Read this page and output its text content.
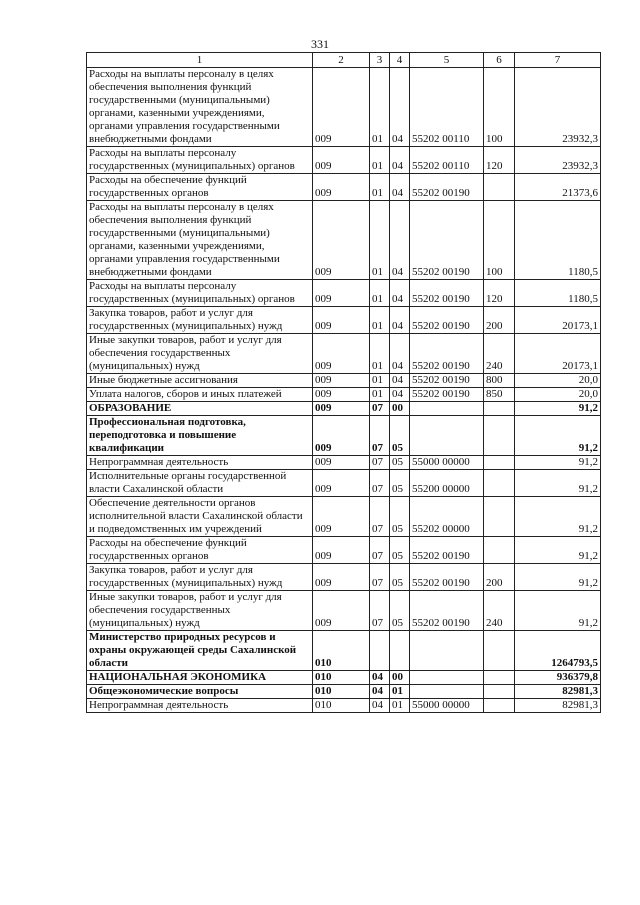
331
1	2	3	4	5	6	7
Расходы на выплаты персоналу в целях обеспечения выполнения функций государственными (муниципальными) органами, казенными учреждениями, органами управления государственными внебюджетными фондами	009	01	04	55202 00110	100	23932,3
Расходы на выплаты персоналу государственных (муниципальных) органов	009	01	04	55202 00110	120	23932,3
Расходы на обеспечение функций государственных органов	009	01	04	55202 00190		21373,6
Расходы на выплаты персоналу в целях обеспечения выполнения функций государственными (муниципальными) органами, казенными учреждениями, органами управления государственными внебюджетными фондами	009	01	04	55202 00190	100	1180,5
Расходы на выплаты персоналу государственных (муниципальных) органов	009	01	04	55202 00190	120	1180,5
Закупка товаров, работ и услуг для государственных (муниципальных) нужд	009	01	04	55202 00190	200	20173,1
Иные закупки товаров, работ и услуг для обеспечения государственных (муниципальных) нужд	009	01	04	55202 00190	240	20173,1
Иные бюджетные ассигнования	009	01	04	55202 00190	800	20,0
Уплата налогов, сборов и иных платежей	009	01	04	55202 00190	850	20,0
ОБРАЗОВАНИЕ	009	07	00			91,2
Профессиональная подготовка, переподготовка и повышение квалификации	009	07	05			91,2
Непрограммная деятельность	009	07	05	55000 00000		91,2
Исполнительные органы государственной власти Сахалинской области	009	07	05	55200 00000		91,2
Обеспечение деятельности органов исполнительной власти Сахалинской области и подведомственных им учреждений	009	07	05	55202 00000		91,2
Расходы на обеспечение функций государственных органов	009	07	05	55202 00190		91,2
Закупка товаров, работ и услуг для государственных (муниципальных) нужд	009	07	05	55202 00190	200	91,2
Иные закупки товаров, работ и услуг для обеспечения государственных (муниципальных) нужд	009	07	05	55202 00190	240	91,2
Министерство природных ресурсов и охраны окружающей среды Сахалинской области	010					1264793,5
НАЦИОНАЛЬНАЯ ЭКОНОМИКА	010	04	00			936379,8
Общеэкономические вопросы	010	04	01			82981,3
Непрограммная деятельность	010	04	01	55000 00000		82981,3
